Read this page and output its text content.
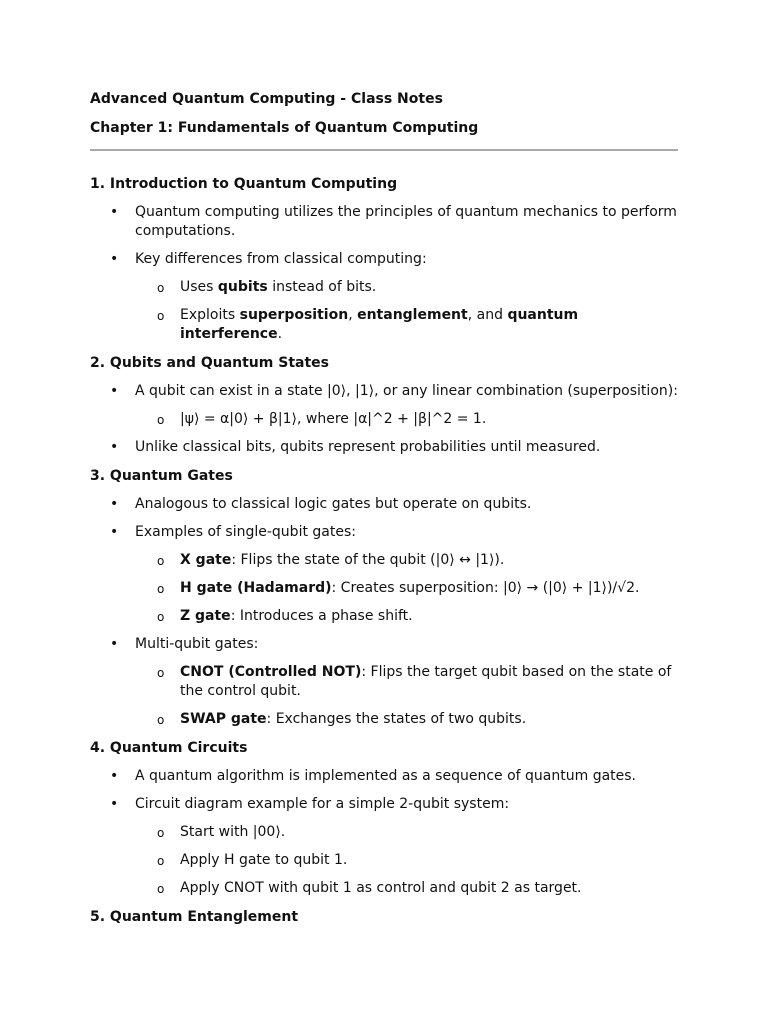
Advanced Quantum Computing - Class Notes

Chapter 1: Fundamentals of Quantum Computing

1. Introduction to Quantum Computing
• Quantum computing utilizes the principles of quantum mechanics to perform computations.
• Key differences from classical computing:
o Uses qubits instead of bits.
o Exploits superposition, entanglement, and quantum interference.
2. Qubits and Quantum States
• A qubit can exist in a state |0⟩, |1⟩, or any linear combination (superposition):
o |ψ⟩ = α|0⟩ + β|1⟩, where |α|^2 + |β|^2 = 1.
• Unlike classical bits, qubits represent probabilities until measured.
3. Quantum Gates
• Analogous to classical logic gates but operate on qubits.
• Examples of single-qubit gates:
o X gate: Flips the state of the qubit (|0⟩ ↔ |1⟩).
o H gate (Hadamard): Creates superposition: |0⟩ → (|0⟩ + |1⟩)/√2.
o Z gate: Introduces a phase shift.
• Multi-qubit gates:
o CNOT (Controlled NOT): Flips the target qubit based on the state of the control qubit.
o SWAP gate: Exchanges the states of two qubits.
4. Quantum Circuits
• A quantum algorithm is implemented as a sequence of quantum gates.
• Circuit diagram example for a simple 2-qubit system:
o Start with |00⟩.
o Apply H gate to qubit 1.
o Apply CNOT with qubit 1 as control and qubit 2 as target.
5. Quantum Entanglement
